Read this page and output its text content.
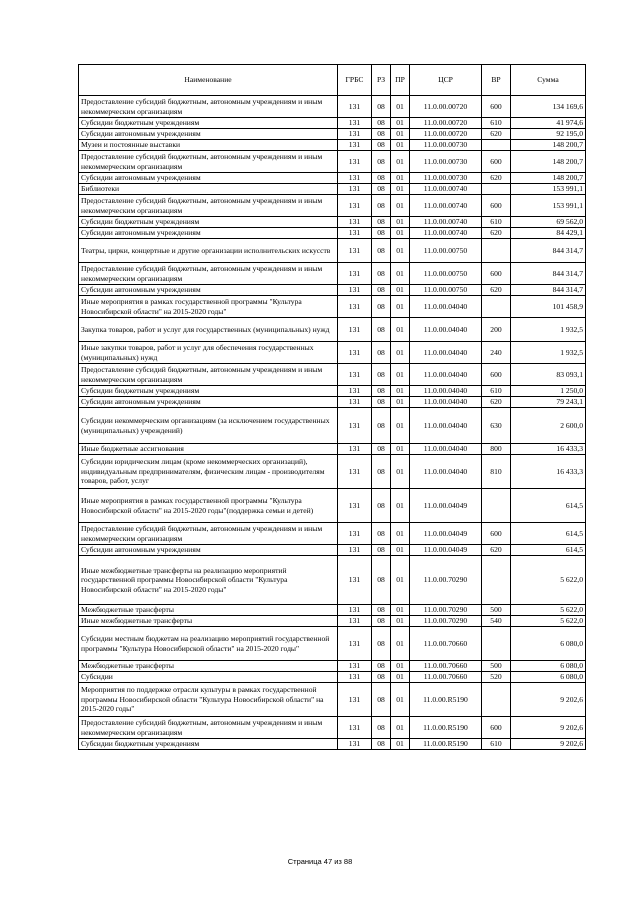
Наименование	ГРБС	РЗ	ПР	ЦСР	ВР	Сумма
Предоставление субсидий бюджетным, автономным учреждениям и иным некоммерческим организациям	131	08	01	11.0.00.00720	600	134 169,6
Субсидии бюджетным учреждениям	131	08	01	11.0.00.00720	610	41 974,6
Субсидии автономным учреждениям	131	08	01	11.0.00.00720	620	92 195,0
Музеи и постоянные выставки	131	08	01	11.0.00.00730		148 200,7
Предоставление субсидий бюджетным, автономным учреждениям и иным некоммерческим организациям	131	08	01	11.0.00.00730	600	148 200,7
Субсидии автономным учреждениям	131	08	01	11.0.00.00730	620	148 200,7
Библиотеки	131	08	01	11.0.00.00740		153 991,1
Предоставление субсидий бюджетным, автономным учреждениям и иным некоммерческим организациям	131	08	01	11.0.00.00740	600	153 991,1
Субсидии бюджетным учреждениям	131	08	01	11.0.00.00740	610	69 562,0
Субсидии автономным учреждениям	131	08	01	11.0.00.00740	620	84 429,1
Театры, цирки, концертные и другие организации исполнительских искусств	131	08	01	11.0.00.00750		844 314,7
Предоставление субсидий бюджетным, автономным учреждениям и иным некоммерческим организациям	131	08	01	11.0.00.00750	600	844 314,7
Субсидии автономным учреждениям	131	08	01	11.0.00.00750	620	844 314,7
Иные мероприятия в рамках государственной программы "Культура Новосибирской области" на 2015-2020 годы"	131	08	01	11.0.00.04040		101 458,9
Закупка товаров, работ и услуг для государственных (муниципальных) нужд	131	08	01	11.0.00.04040	200	1 932,5
Иные закупки товаров, работ и услуг для обеспечения государственных (муниципальных) нужд	131	08	01	11.0.00.04040	240	1 932,5
Предоставление субсидий бюджетным, автономным учреждениям и иным некоммерческим организациям	131	08	01	11.0.00.04040	600	83 093,1
Субсидии бюджетным учреждениям	131	08	01	11.0.00.04040	610	1 250,0
Субсидии автономным учреждениям	131	08	01	11.0.00.04040	620	79 243,1
Субсидии некоммерческим организациям (за исключением государственных (муниципальных) учреждений)	131	08	01	11.0.00.04040	630	2 600,0
Иные бюджетные ассигнования	131	08	01	11.0.00.04040	800	16 433,3
Субсидии юридическим лицам (кроме некоммерческих организаций), индивидуальным предпринимателям, физическим лицам - производителям товаров, работ, услуг	131	08	01	11.0.00.04040	810	16 433,3
Иные мероприятия в рамках государственной программы "Культура Новосибирской области" на 2015-2020 годы"(поддержка семьи и детей)	131	08	01	11.0.00.04049		614,5
Предоставление субсидий бюджетным, автономным учреждениям и иным некоммерческим организациям	131	08	01	11.0.00.04049	600	614,5
Субсидии автономным учреждениям	131	08	01	11.0.00.04049	620	614,5
Иные межбюджетные трансферты на реализацию мероприятий государственной программы Новосибирской области "Культура Новосибирской области" на 2015-2020 годы"	131	08	01	11.0.00.70290		5 622,0
Межбюджетные трансферты	131	08	01	11.0.00.70290	500	5 622,0
Иные межбюджетные трансферты	131	08	01	11.0.00.70290	540	5 622,0
Субсидии местным бюджетам на реализацию мероприятий государственной программы "Культура Новосибирской области" на 2015-2020 годы"	131	08	01	11.0.00.70660		6 080,0
Межбюджетные трансферты	131	08	01	11.0.00.70660	500	6 080,0
Субсидии	131	08	01	11.0.00.70660	520	6 080,0
Мероприятия по поддержке отрасли культуры в рамках государственной программы Новосибирской области "Культура Новосибирской области" на 2015-2020 годы"	131	08	01	11.0.00.R5190		9 202,6
Предоставление субсидий бюджетным, автономным учреждениям и иным некоммерческим организациям	131	08	01	11.0.00.R5190	600	9 202,6
Субсидии бюджетным учреждениям	131	08	01	11.0.00.R5190	610	9 202,6
Страница 47 из 88
